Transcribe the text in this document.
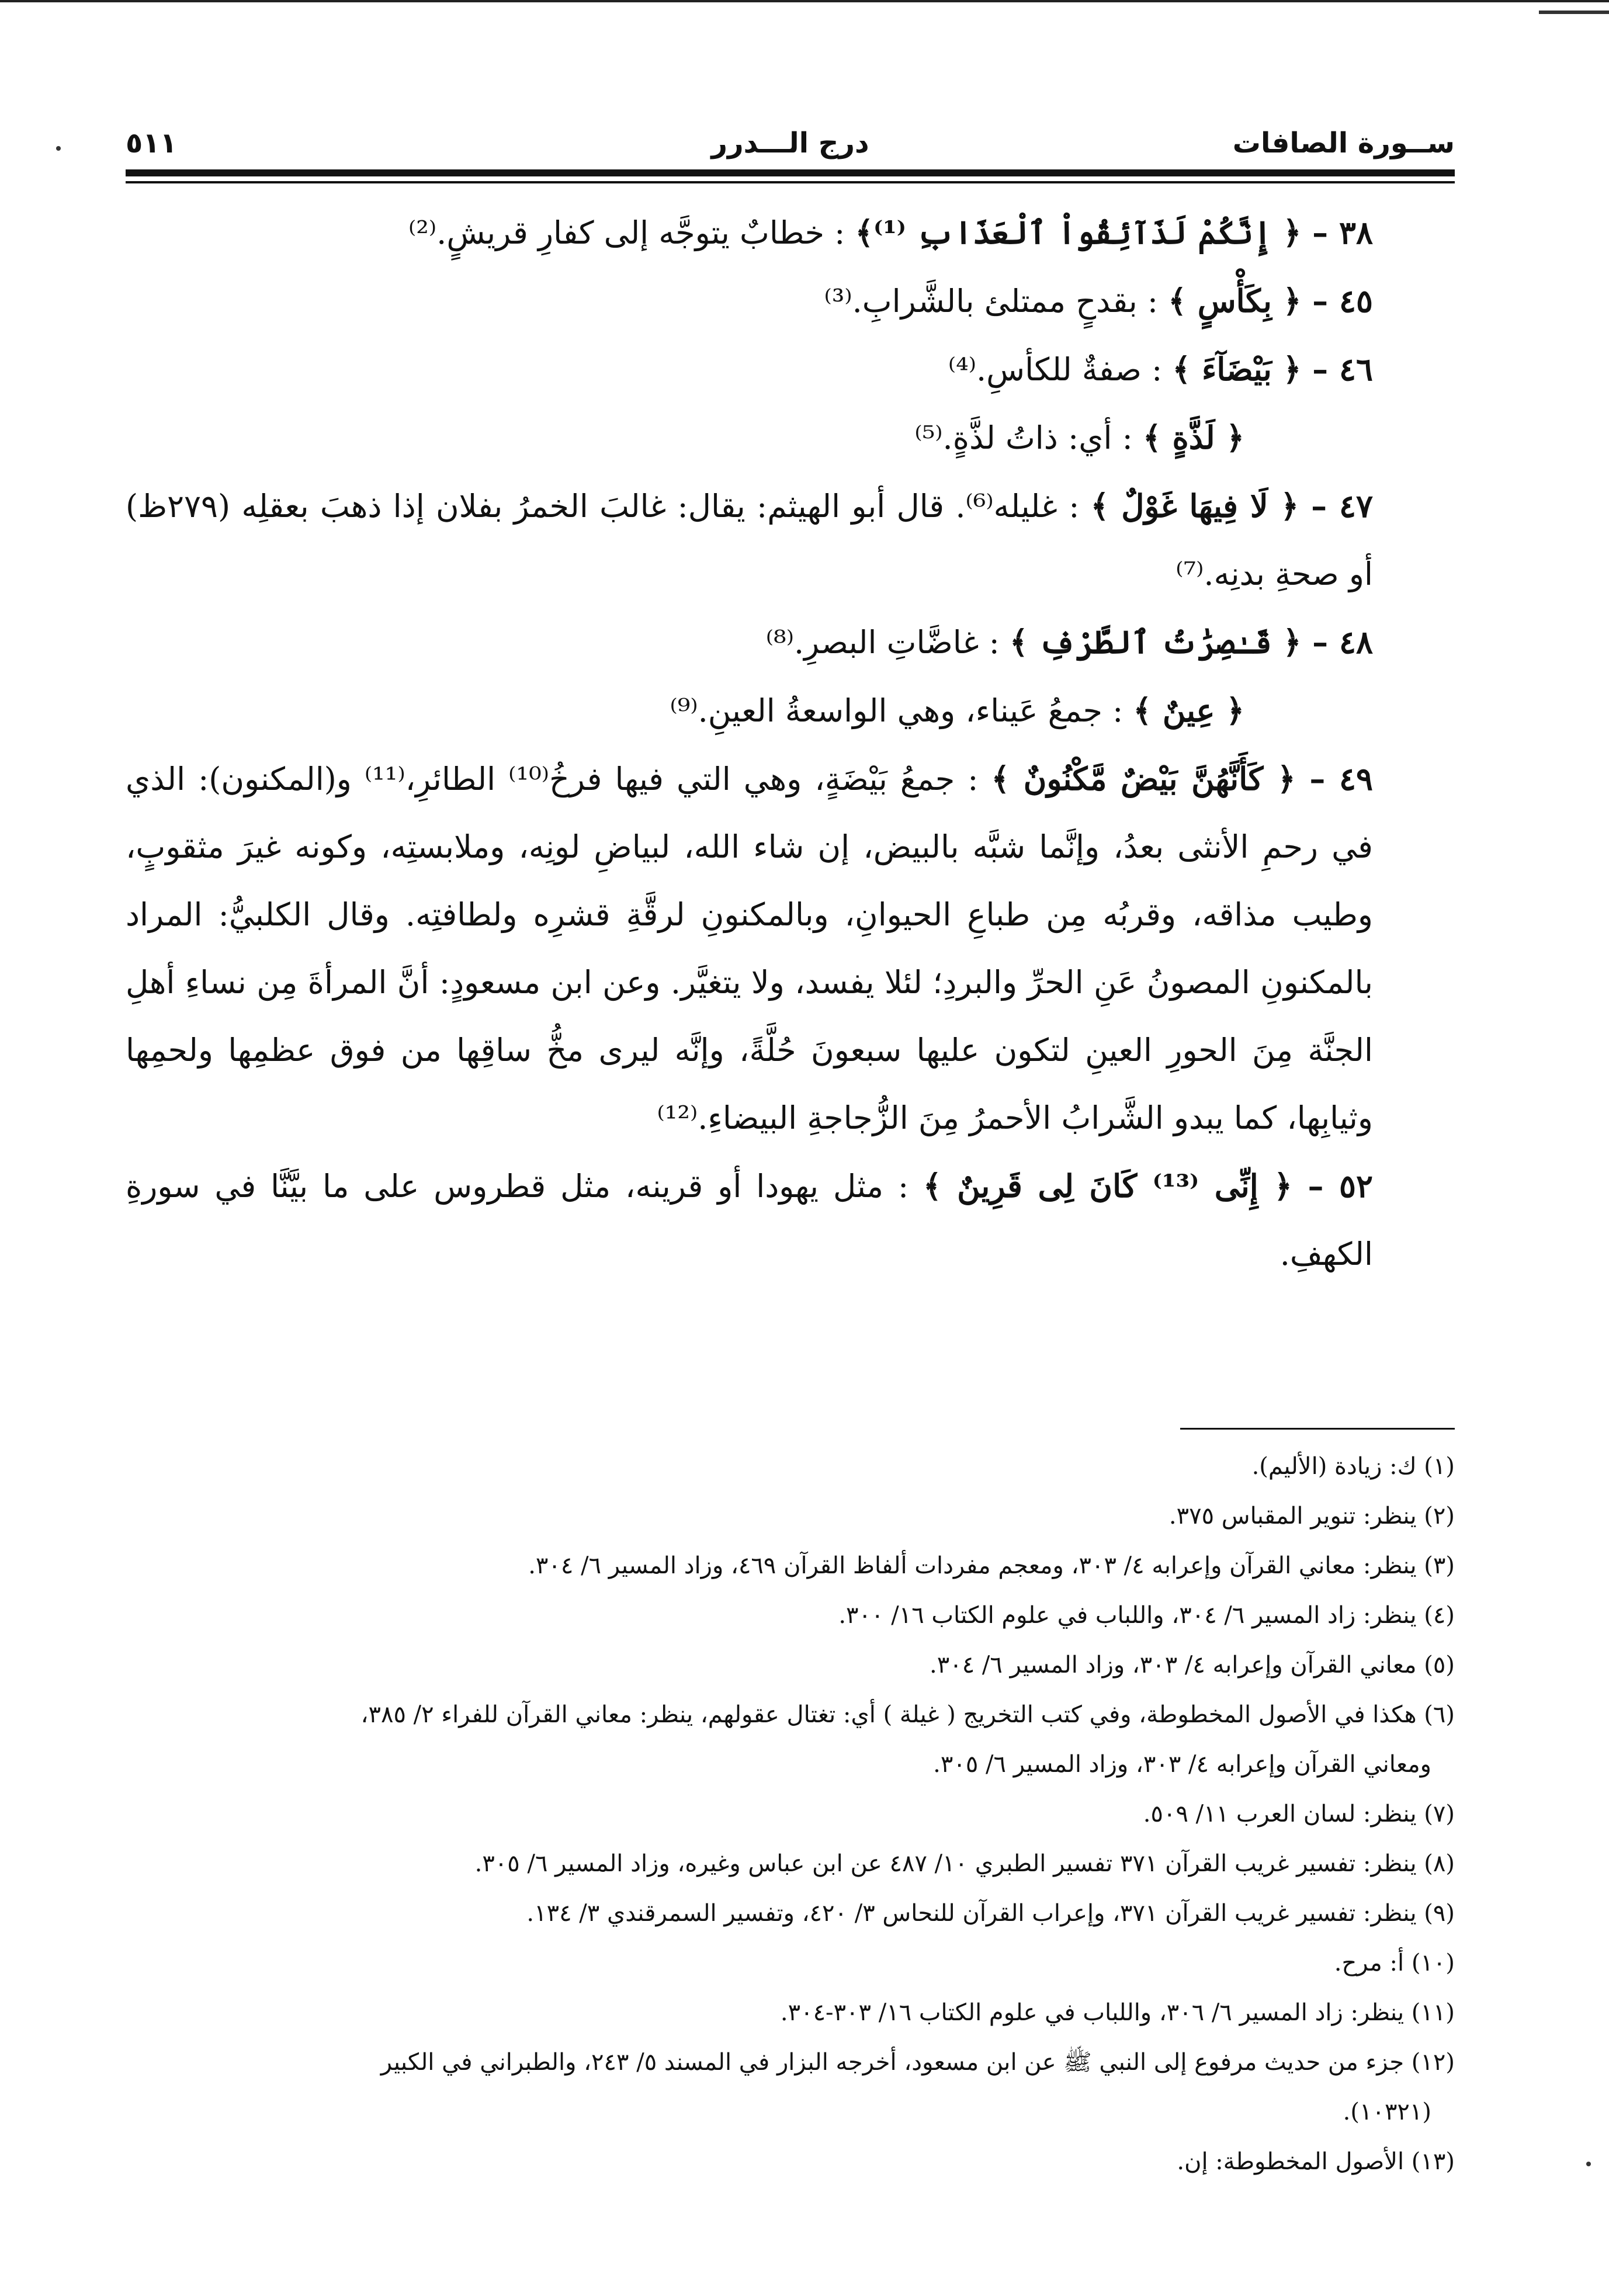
ســورة الصافات
درج الـــدرر
٥١١

٣٨ – ﴿ إِنَّكُمْ لَذَآئِقُواْ ٱلْعَذَابِ ⁽¹⁾﴾ : خطابٌ يتوجَّه إلى كفارِ قريشٍ.⁽²⁾

٤٥ – ﴿ بِكَأْسٍ ﴾ : بقدحٍ ممتلئ بالشَّرابِ.⁽³⁾

٤٦ – ﴿ بَيْضَآءَ ﴾ : صفةٌ للكأسِ.⁽⁴⁾

﴿ لَذَّةٍ ﴾ : أي: ذاتُ لذَّةٍ.⁽⁵⁾

٤٧ – ﴿ لَا فِيهَا غَوْلٌ ﴾ : غليله⁽⁶⁾. قال أبو الهيثم: يقال: غالبَ الخمرُ بفلان إذا ذهبَ بعقلِه (٢٧٩ظ) أو صحةِ بدنِه.⁽⁷⁾

٤٨ – ﴿ قَـٰصِرَٰتُ ٱلطَّرْفِ ﴾ : غاضَّاتِ البصرِ.⁽⁸⁾

﴿ عِينٌ ﴾ : جمعُ عَيناء، وهي الواسعةُ العينِ.⁽⁹⁾

٤٩ – ﴿ كَأَنَّهُنَّ بَيْضٌ مَّكْنُونٌ ﴾ : جمعُ بَيْضَةٍ، وهي التي فيها فرخُ⁽¹⁰⁾ الطائرِ،⁽¹¹⁾ و(المكنون): الذي في رحمِ الأنثى بعدُ، وإنَّما شبَّه بالبيض، إن شاء الله، لبياضِ لونِه، وملابستِه، وكونه غيرَ مثقوبٍ، وطيب مذاقه، وقربُه مِن طباعِ الحيوانِ، وبالمكنونِ لرقَّةِ قشرِه ولطافتِه. وقال الكلبيُّ: المراد بالمكنونِ المصونُ عَنِ الحرِّ والبردِ؛ لئلا يفسد، ولا يتغيَّر. وعن ابن مسعودٍ: أنَّ المرأةَ مِن نساءِ أهلِ الجنَّة مِنَ الحورِ العينِ لتكون عليها سبعونَ حُلَّةً، وإنَّه ليرى مخُّ ساقِها من فوق عظمِها ولحمِها وثيابِها، كما يبدو الشَّرابُ الأحمرُ مِنَ الزُّجاجةِ البيضاءِ.⁽¹²⁾

٥٢ – ﴿ إِنِّى ⁽¹³⁾ كَانَ لِى قَرِينٌ ﴾ : مثل يهودا أو قرينه، مثل قطروس على ما بيَّنَّا في سورةِ الكهفِ.

(١) ك: زيادة (الأليم).

(٢) ينظر: تنوير المقباس ٣٧٥.

(٣) ينظر: معاني القرآن وإعرابه ٤/ ٣٠٣، ومعجم مفردات ألفاظ القرآن ٤٦٩، وزاد المسير ٦/ ٣٠٤.

(٤) ينظر: زاد المسير ٦/ ٣٠٤، واللباب في علوم الكتاب ١٦/ ٣٠٠.

(٥) معاني القرآن وإعرابه ٤/ ٣٠٣، وزاد المسير ٦/ ٣٠٤.

(٦) هكذا في الأصول المخطوطة، وفي كتب التخريج ( غيلة ) أي: تغتال عقولهم، ينظر: معاني القرآن للفراء ٢/ ٣٨٥،

ومعاني القرآن وإعرابه ٤/ ٣٠٣، وزاد المسير ٦/ ٣٠٥.

(٧) ينظر: لسان العرب ١١/ ٥٠٩.

(٨) ينظر: تفسير غريب القرآن ٣٧١ تفسير الطبري ١٠/ ٤٨٧ عن ابن عباس وغيره، وزاد المسير ٦/ ٣٠٥.

(٩) ينظر: تفسير غريب القرآن ٣٧١، وإعراب القرآن للنحاس ٣/ ٤٢٠، وتفسير السمرقندي ٣/ ١٣٤.

(١٠) أ: مرح.

(١١) ينظر: زاد المسير ٦/ ٣٠٦، واللباب في علوم الكتاب ١٦/ ٣٠٣-٣٠٤.

(١٢) جزء من حديث مرفوع إلى النبي ﷺ عن ابن مسعود، أخرجه البزار في المسند ٥/ ٢٤٣، والطبراني في الكبير

(١٠٣٢١).

(١٣) الأصول المخطوطة: إن.
